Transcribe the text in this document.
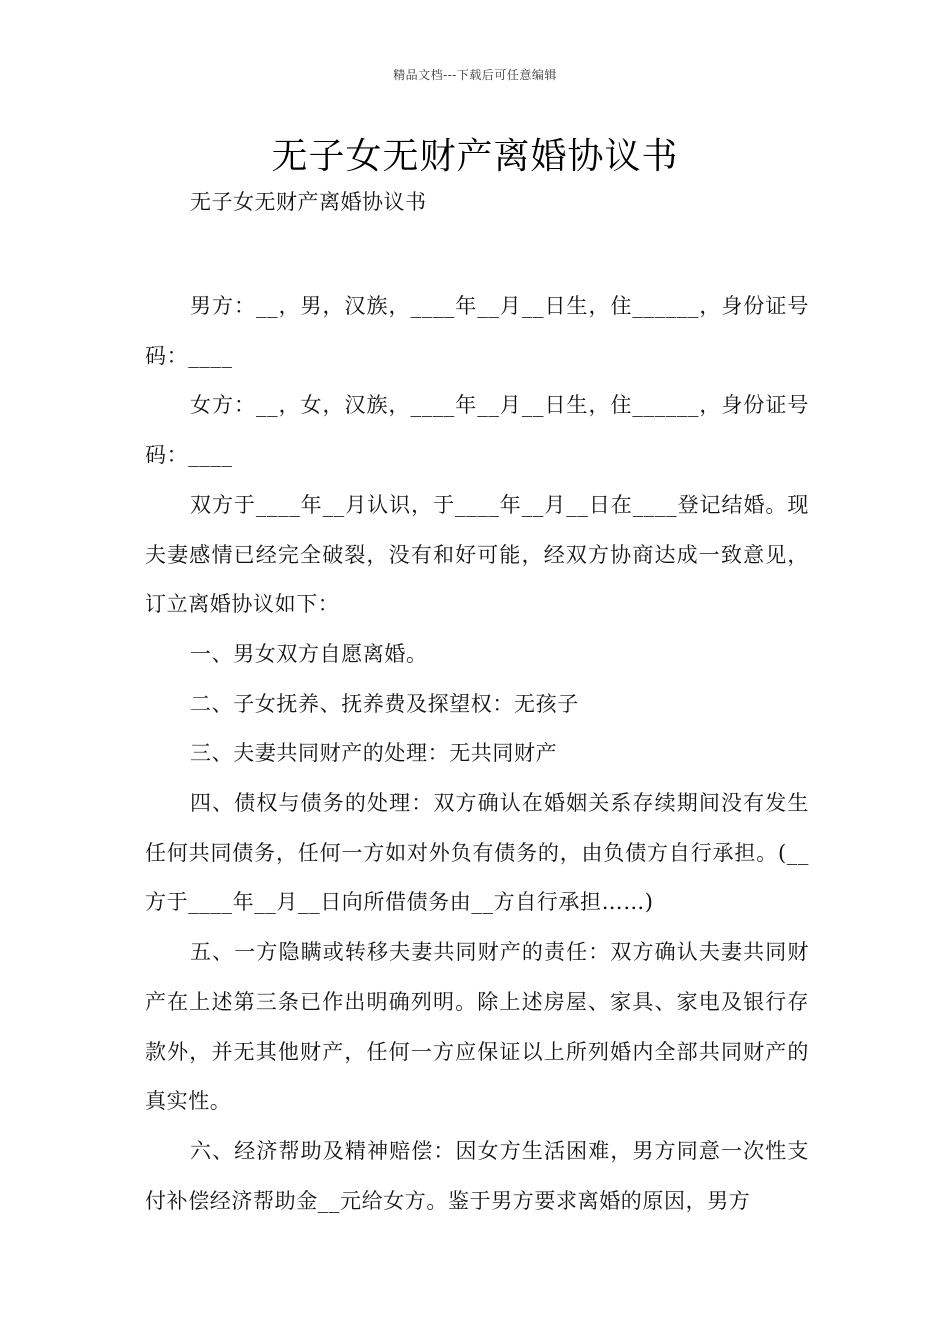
精品文档---下载后可任意编辑
无子女无财产离婚协议书
无子女无财产离婚协议书

男方：__，男，汉族，____年__月__日生，住______，身份证号码：____

女方：__，女，汉族，____年__月__日生，住______，身份证号码：____

双方于____年__月认识，于____年__月__日在____登记结婚。现夫妻感情已经完全破裂，没有和好可能，经双方协商达成一致意见，订立离婚协议如下：

一、男女双方自愿离婚。

二、子女抚养、抚养费及探望权：无孩子

三、夫妻共同财产的处理：无共同财产

四、债权与债务的处理：双方确认在婚姻关系存续期间没有发生任何共同债务，任何一方如对外负有债务的，由负债方自行承担。(__方于____年__月__日向所借债务由__方自行承担……)

五、一方隐瞒或转移夫妻共同财产的责任：双方确认夫妻共同财产在上述第三条已作出明确列明。除上述房屋、家具、家电及银行存款外，并无其他财产，任何一方应保证以上所列婚内全部共同财产的真实性。

六、经济帮助及精神赔偿：因女方生活困难，男方同意一次性支付补偿经济帮助金__元给女方。鉴于男方要求离婚的原因，男方
